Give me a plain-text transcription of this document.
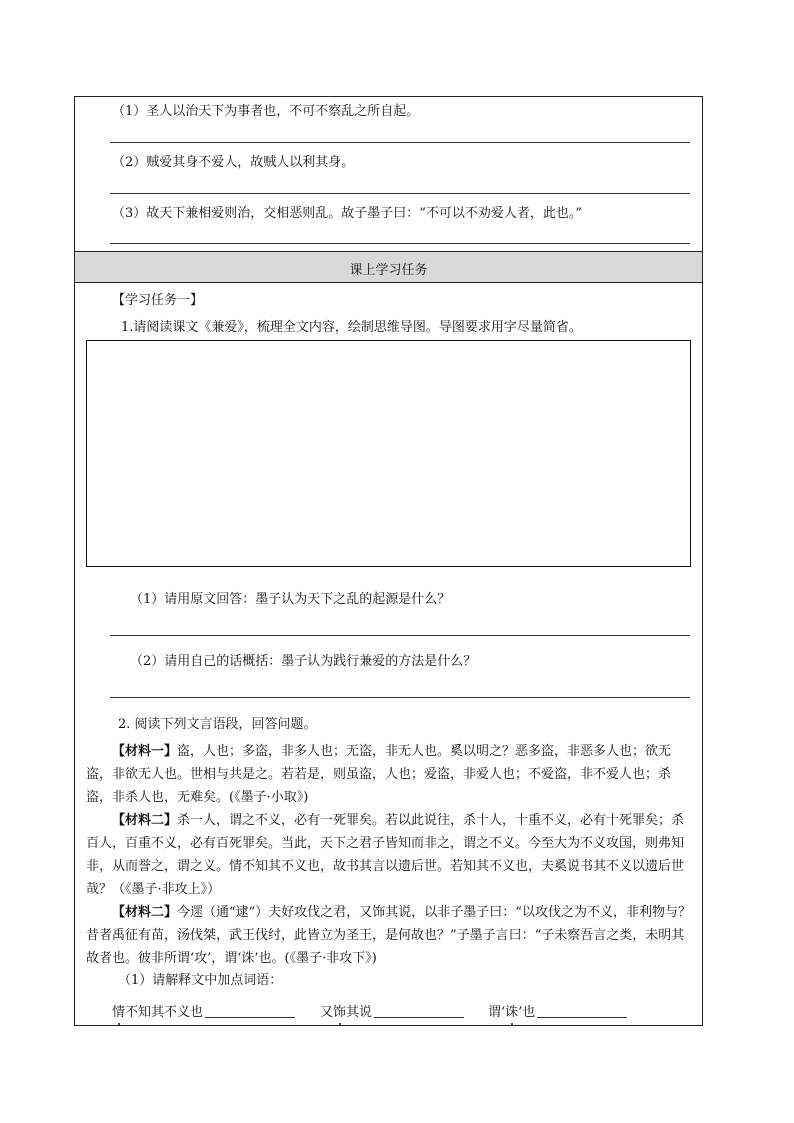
（1）圣人以治天下为事者也，不可不察乱之所自起。
（2）贼爱其身不爱人，故贼人以利其身。
（3）故天下兼相爱则治，交相恶则乱。故子墨子曰：“不可以不劝爱人者，此也。”
课上学习任务
【学习任务一】
1.请阅读课文《兼爱》，梳理全文内容，绘制思维导图。导图要求用字尽量简省。
（1）请用原文回答：墨子认为天下之乱的起源是什么？
（2）请用自己的话概括：墨子认为践行兼爱的方法是什么？
2. 阅读下列文言语段，回答问题。
【材料一】盗，人也；多盗，非多人也；无盗，非无人也。奚以明之？恶多盗，非恶多人也；欲无盗，非欲无人也。世相与共是之。若若是，则虽盗，人也；爱盗，非爱人也；不爱盗，非不爱人也；杀盗，非杀人也，无难矣。(《墨子·小取》)
【材料二】杀一人，谓之不义，必有一死罪矣。若以此说往，杀十人，十重不义，必有十死罪矣；杀百人，百重不义，必有百死罪矣。当此，天下之君子皆知而非之，谓之不义。今至大为不义攻国，则弗知非，从而誉之，谓之义。情不知其不义也，故书其言以遗后世。若知其不义也，夫奚说书其不义以遗后世哉？（《墨子·非攻上》）
【材料二】今遝（通“逮”）夫好攻伐之君，又饰其说，以非子墨子曰：“以攻伐之为不义，非利物与？昔者禹征有苗，汤伐桀，武王伐纣，此皆立为圣王，是何故也？”子墨子言曰：“子未察吾言之类，未明其故者也。彼非所谓‘攻’，谓‘诛’也。(《墨子·非攻下》)
（1）请解释文中加点词语：
情不知其不义也	又饰其说	谓‘诛’也
